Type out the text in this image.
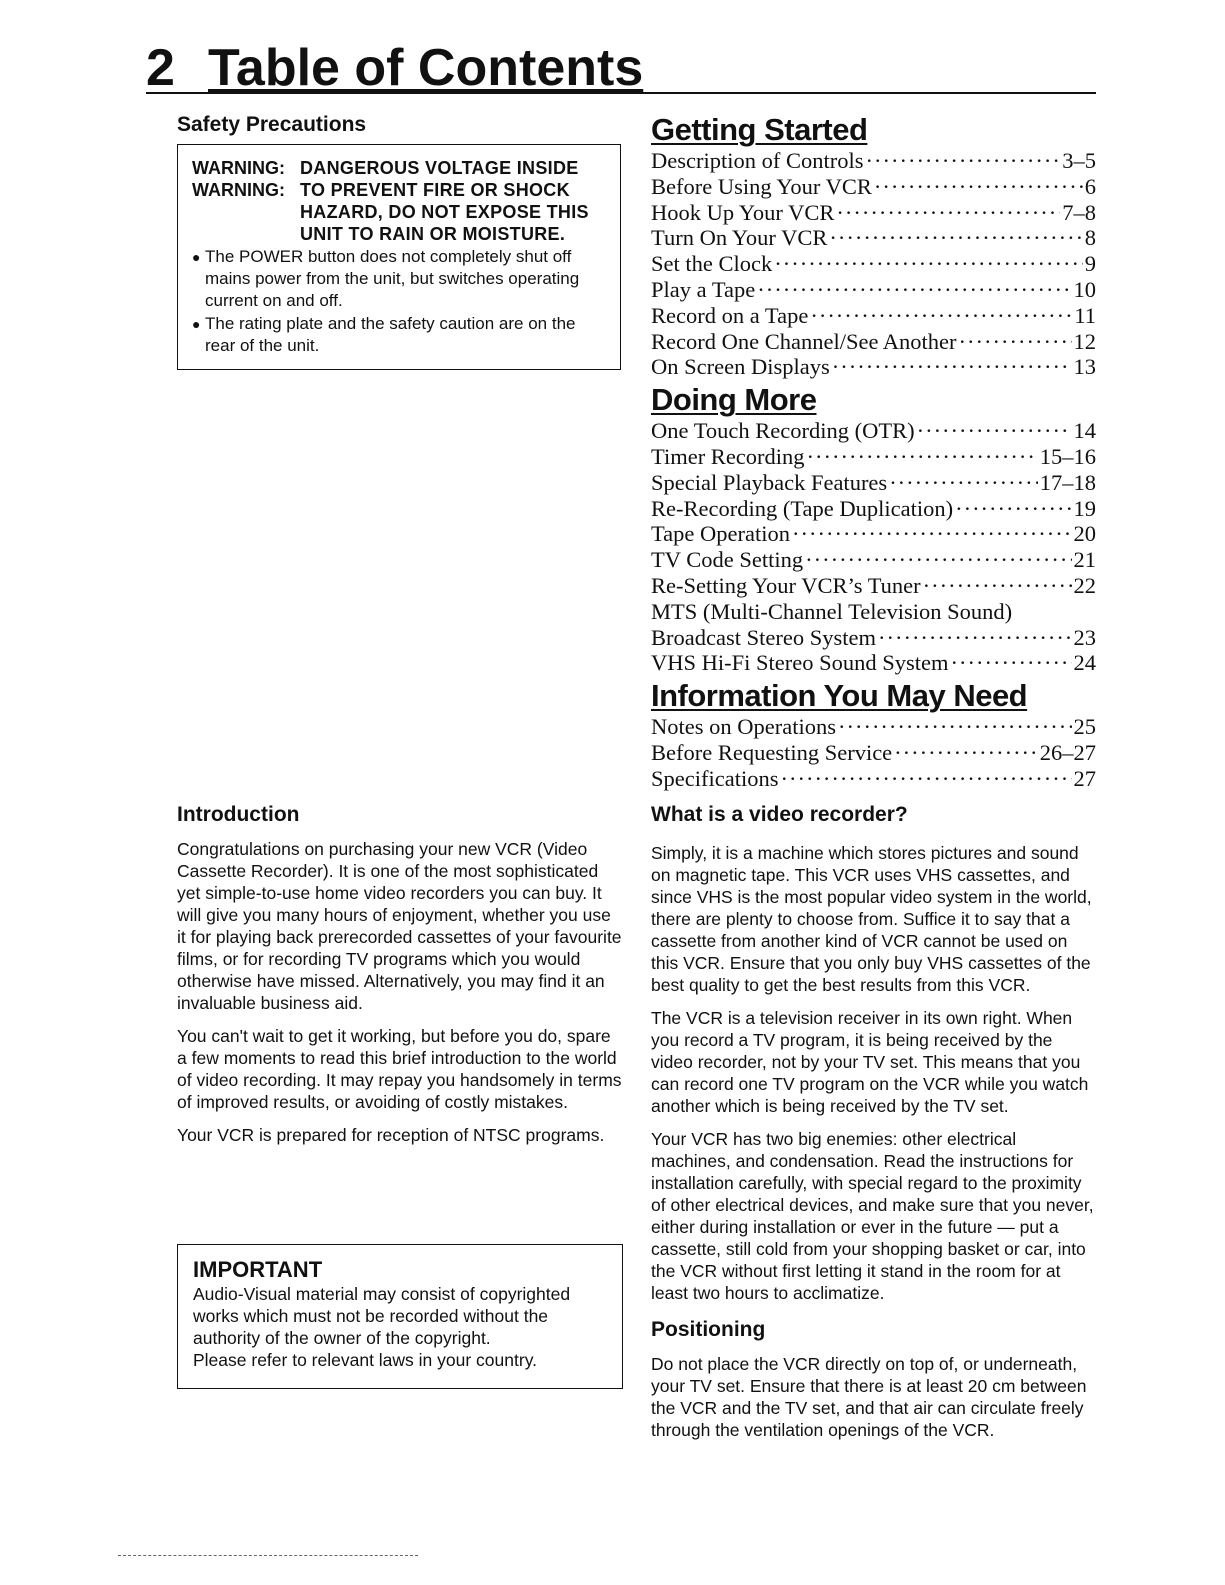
2 Table of Contents
Safety Precautions
WARNING: DANGEROUS VOLTAGE INSIDE
WARNING: TO PREVENT FIRE OR SHOCK HAZARD, DO NOT EXPOSE THIS UNIT TO RAIN OR MOISTURE.
● The POWER button does not completely shut off mains power from the unit, but switches operating current on and off.
● The rating plate and the safety caution are on the rear of the unit.
Introduction

Congratulations on purchasing your new VCR (Video Cassette Recorder). It is one of the most sophisticated yet simple-to-use home video recorders you can buy. It will give you many hours of enjoyment, whether you use it for playing back prerecorded cassettes of your favourite films, or for recording TV programs which you would otherwise have missed. Alternatively, you may find it an invaluable business aid.

You can't wait to get it working, but before you do, spare a few moments to read this brief introduction to the world of video recording. It may repay you handsomely in terms of improved results, or avoiding of costly mistakes.

Your VCR is prepared for reception of NTSC programs.

IMPORTANT
Audio-Visual material may consist of copyrighted
works which must not be recorded without the
authority of the owner of the copyright.
Please refer to relevant laws in your country.
Getting Started
Description of Controls ·····	3–5
Before Using Your VCR ·····	6
Hook Up Your VCR ·····	7–8
Turn On Your VCR ·····	8
Set the Clock ·····	9
Play a Tape ·····	10
Record on a Tape ·····	11
Record One Channel/See Another ·····	12
On Screen Displays ·····	13
Doing More
One Touch Recording (OTR) ·····	14
Timer Recording ·····	15–16
Special Playback Features ·····	17–18
Re-Recording (Tape Duplication) ·····	19
Tape Operation ·····	20
TV Code Setting ·····	21
Re-Setting Your VCR’s Tuner ·····	22
MTS (Multi-Channel Television Sound)
Broadcast Stereo System ·····	23
VHS Hi-Fi Stereo Sound System ·····	24
Information You May Need
Notes on Operations ·····	25
Before Requesting Service ·····	26–27
Specifications ·····	27
What is a video recorder?

Simply, it is a machine which stores pictures and sound on magnetic tape. This VCR uses VHS cassettes, and since VHS is the most popular video system in the world, there are plenty to choose from. Suffice it to say that a cassette from another kind of VCR cannot be used on this VCR. Ensure that you only buy VHS cassettes of the best quality to get the best results from this VCR.

The VCR is a television receiver in its own right. When you record a TV program, it is being received by the video recorder, not by your TV set. This means that you can record one TV program on the VCR while you watch another which is being received by the TV set.

Your VCR has two big enemies: other electrical machines, and condensation. Read the instructions for installation carefully, with special regard to the proximity of other electrical devices, and make sure that you never, either during installation or ever in the future — put a cassette, still cold from your shopping basket or car, into the VCR without first letting it stand in the room for at least two hours to acclimatize.

Positioning

Do not place the VCR directly on top of, or underneath, your TV set. Ensure that there is at least 20 cm between the VCR and the TV set, and that air can circulate freely through the ventilation openings of the VCR.
